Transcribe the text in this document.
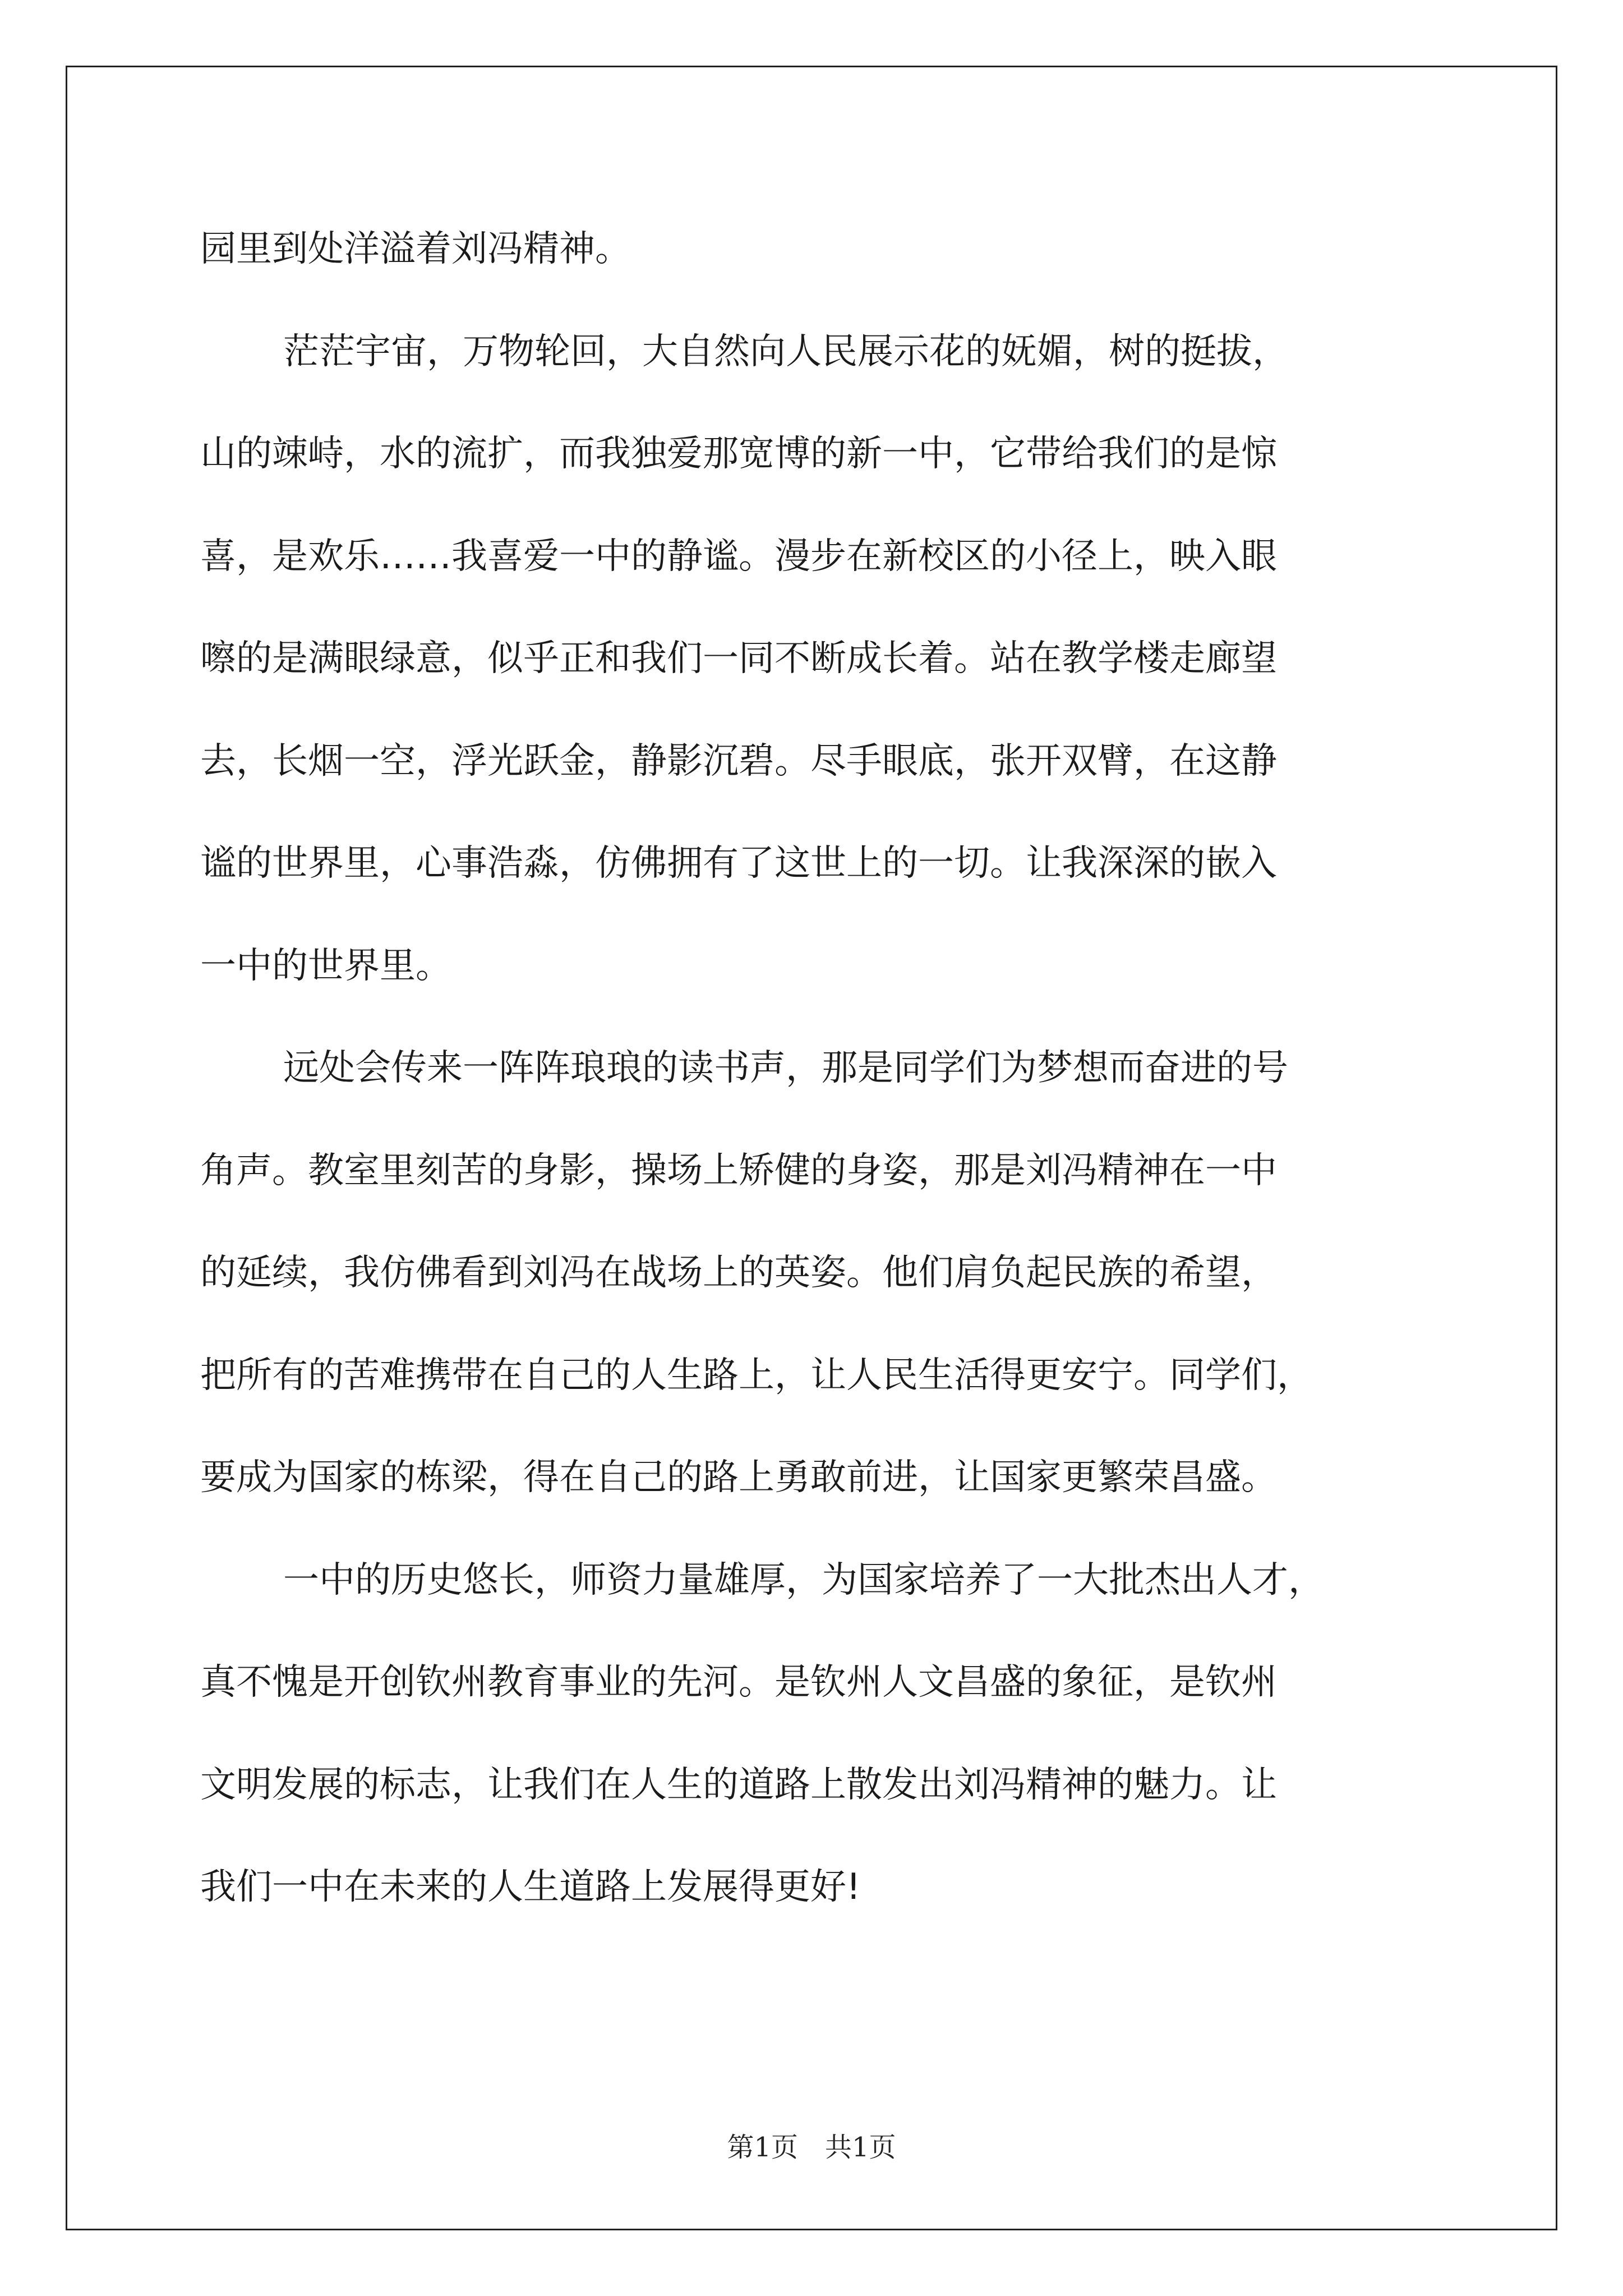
园里到处洋溢着刘冯精神。
茫茫宇宙，万物轮回，大自然向人民展示花的妩媚，树的挺拔，
山的竦峙，水的流扩，而我独爱那宽博的新一中，它带给我们的是惊
喜，是欢乐……我喜爱一中的静谧。漫步在新校区的小径上，映入眼
嚓的是满眼绿意，似乎正和我们一同不断成长着。站在教学楼走廊望
去，长烟一空，浮光跃金，静影沉碧。尽手眼底，张开双臂，在这静
谧的世界里，心事浩淼，仿佛拥有了这世上的一切。让我深深的嵌入
一中的世界里。
远处会传来一阵阵琅琅的读书声，那是同学们为梦想而奋进的号
角声。教室里刻苦的身影，操场上矫健的身姿，那是刘冯精神在一中
的延续，我仿佛看到刘冯在战场上的英姿。他们肩负起民族的希望，
把所有的苦难携带在自己的人生路上，让人民生活得更安宁。同学们，
要成为国家的栋梁，得在自己的路上勇敢前进，让国家更繁荣昌盛。
一中的历史悠长，师资力量雄厚，为国家培养了一大批杰出人才，
真不愧是开创钦州教育事业的先河。是钦州人文昌盛的象征，是钦州
文明发展的标志，让我们在人生的道路上散发出刘冯精神的魅力。让
我们一中在未来的人生道路上发展得更好!
第1页　共1页
